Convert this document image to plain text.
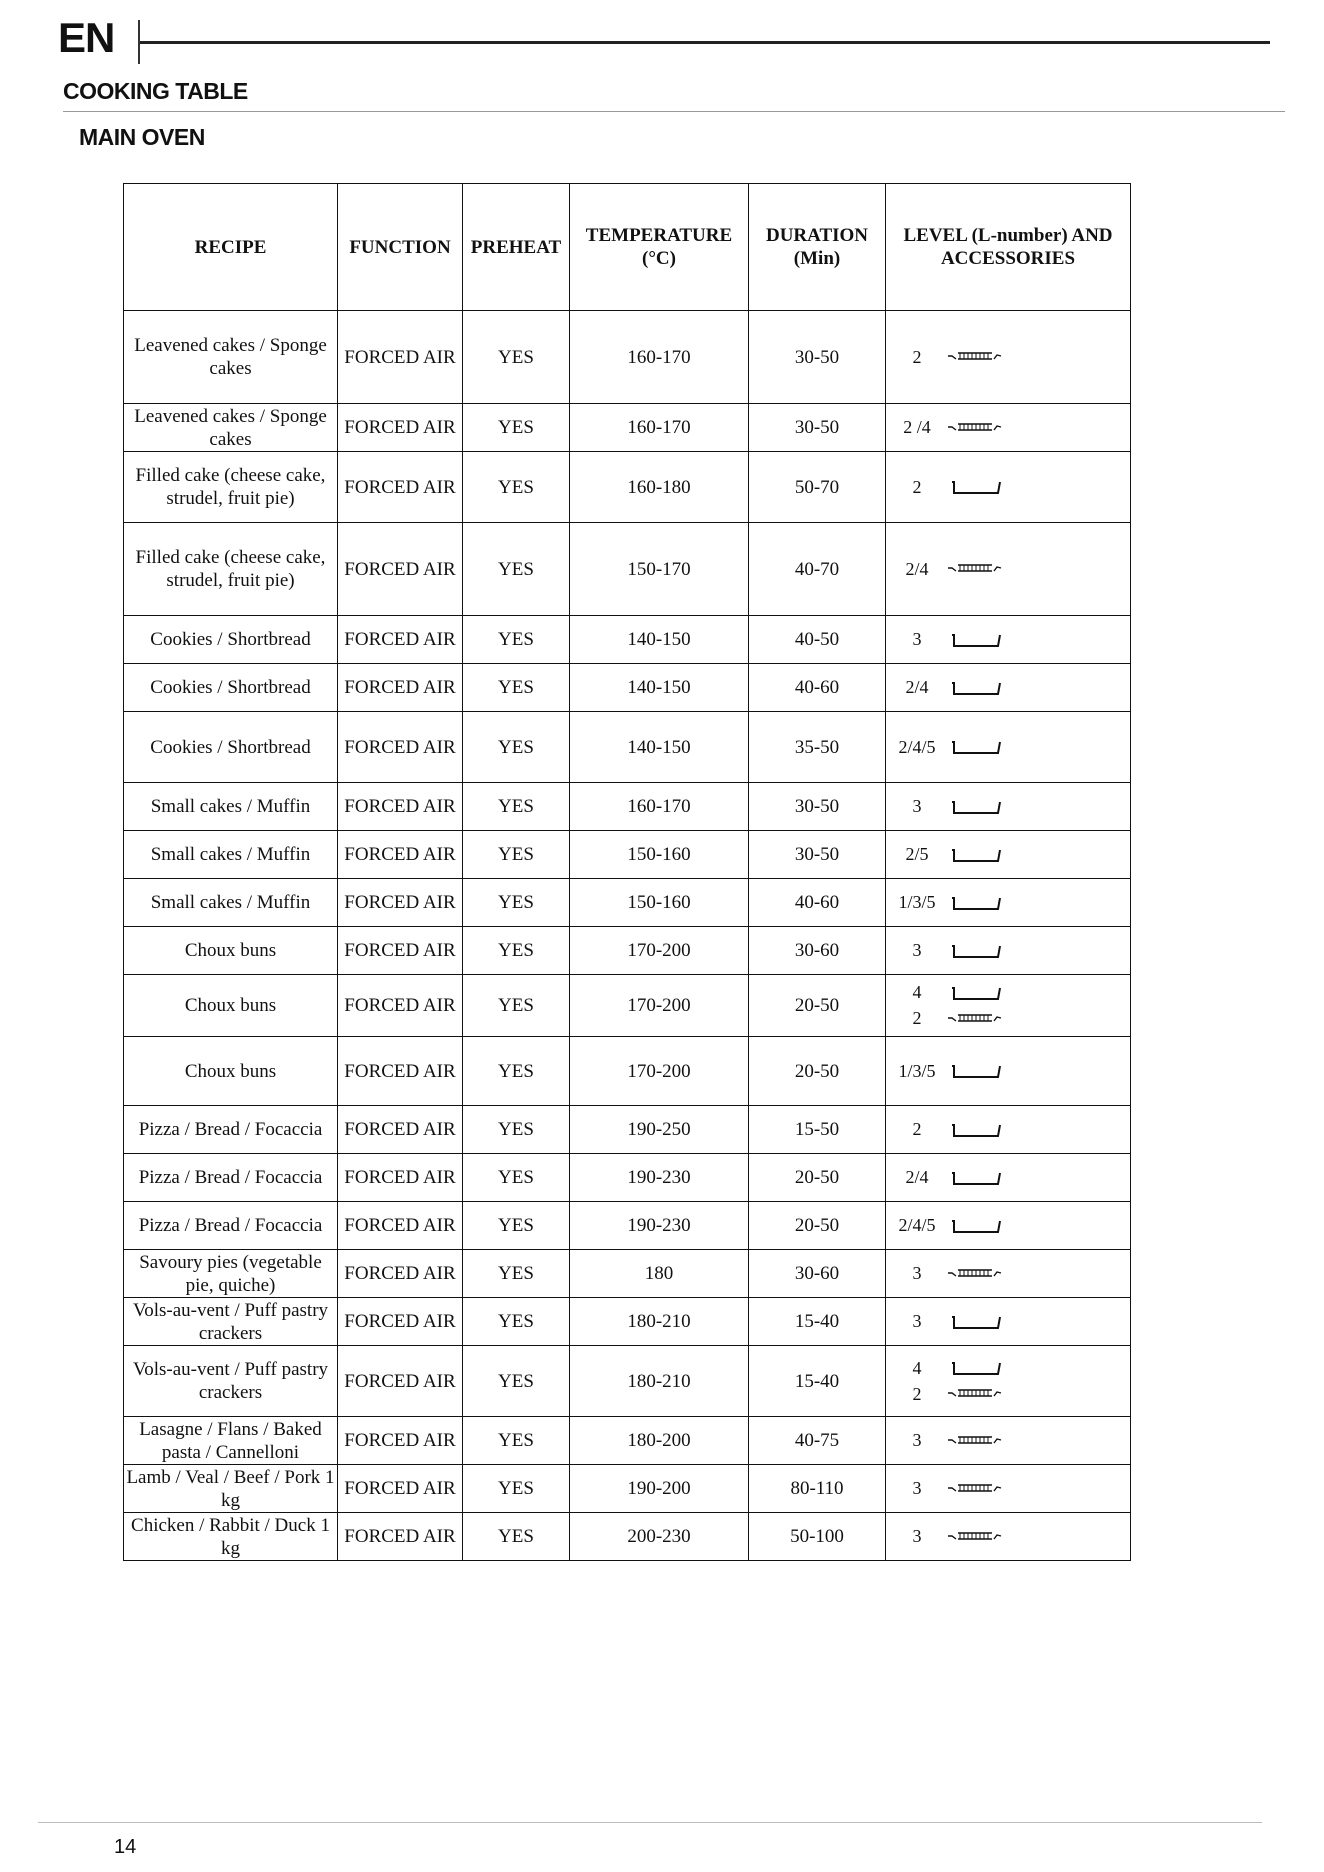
EN
COOKING TABLE
MAIN OVEN
RECIPE	FUNCTION	PREHEAT	TEMPERATURE (°C)	DURATION (Min)	LEVEL (L-number) AND ACCESSORIES
Leavened cakes / Sponge cakes	FORCED AIR	YES	160-170	30-50	2

Leavened cakes / Sponge cakes	FORCED AIR	YES	160-170	30-50	2 /4

Filled cake (cheese cake, strudel, fruit pie)	FORCED AIR	YES	160-180	50-70	2

Filled cake (cheese cake, strudel, fruit pie)	FORCED AIR	YES	150-170	40-70	2/4

Cookies / Shortbread	FORCED AIR	YES	140-150	40-50	3

Cookies / Shortbread	FORCED AIR	YES	140-150	40-60	2/4

Cookies / Shortbread	FORCED AIR	YES	140-150	35-50	2/4/5

Small cakes / Muffin	FORCED AIR	YES	160-170	30-50	3

Small cakes / Muffin	FORCED AIR	YES	150-160	30-50	2/5

Small cakes / Muffin	FORCED AIR	YES	150-160	40-60	1/3/5

Choux buns	FORCED AIR	YES	170-200	30-60	3

Choux buns	FORCED AIR	YES	170-200	20-50	4
2

Choux buns	FORCED AIR	YES	170-200	20-50	1/3/5

Pizza / Bread / Focaccia	FORCED AIR	YES	190-250	15-50	2

Pizza / Bread / Focaccia	FORCED AIR	YES	190-230	20-50	2/4

Pizza / Bread / Focaccia	FORCED AIR	YES	190-230	20-50	2/4/5

Savoury pies (vegetable pie, quiche)	FORCED AIR	YES	180	30-60	3

Vols-au-vent / Puff pastry crackers	FORCED AIR	YES	180-210	15-40	3

Vols-au-vent / Puff pastry crackers	FORCED AIR	YES	180-210	15-40	4
2

Lasagne / Flans / Baked pasta / Cannelloni	FORCED AIR	YES	180-200	40-75	3

Lamb / Veal / Beef / Pork 1 kg	FORCED AIR	YES	190-200	80-110	3

Chicken / Rabbit / Duck 1 kg	FORCED AIR	YES	200-230	50-100	3
14
